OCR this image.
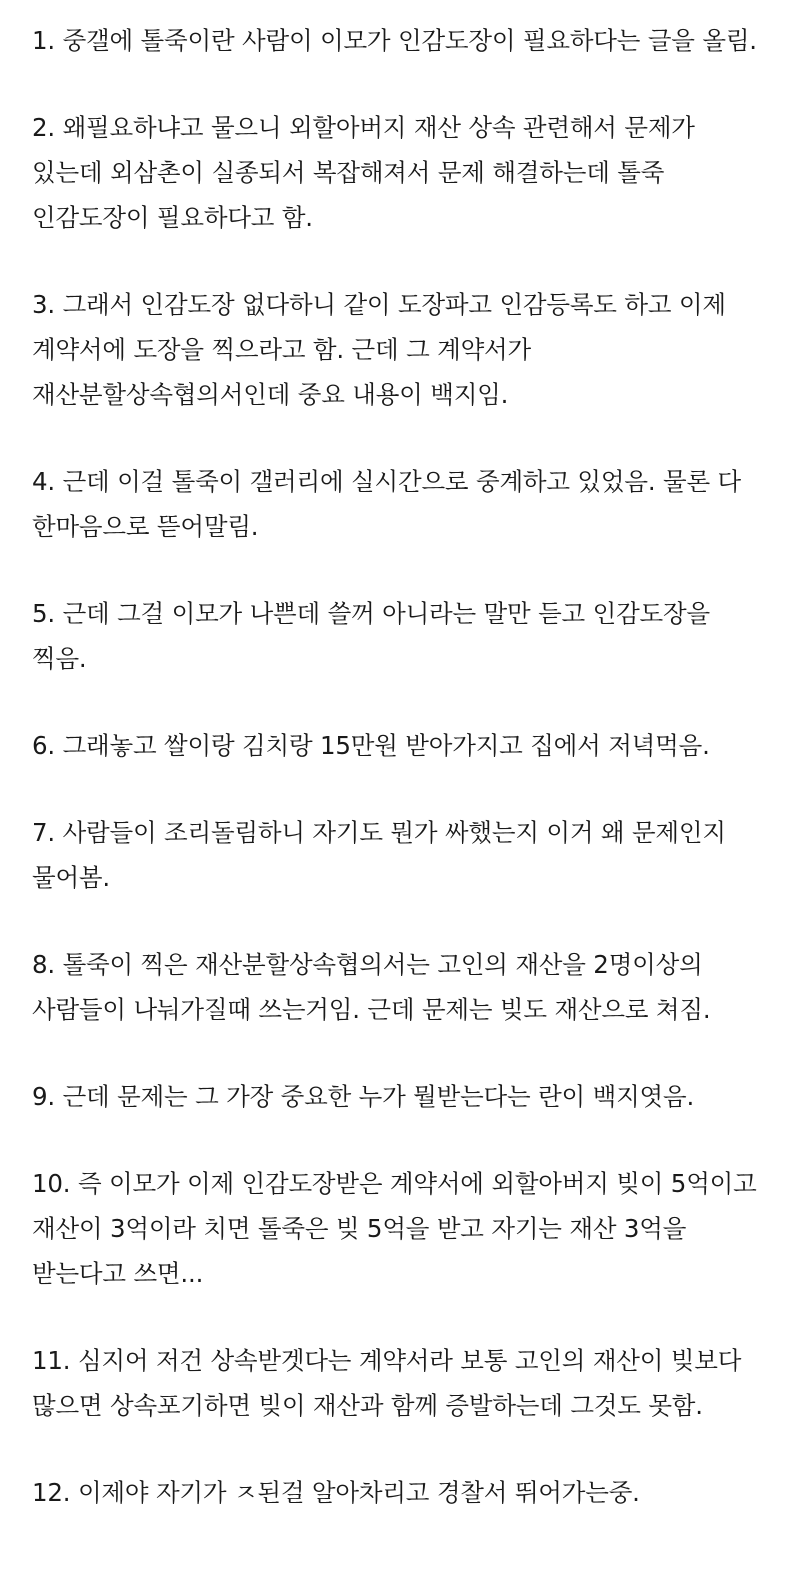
1. 중갤에 톨죽이란 사람이 이모가 인감도장이 필요하다는 글을 올림.

2. 왜필요하냐고 물으니 외할아버지 재산 상속 관련해서 문제가 있는데 외삼촌이 실종되서 복잡해져서 문제 해결하는데 톨죽 인감도장이 필요하다고 함.

3. 그래서 인감도장 없다하니 같이 도장파고 인감등록도 하고 이제 계약서에 도장을 찍으라고 함. 근데 그 계약서가 재산분할상속협의서인데 중요 내용이 백지임.

4. 근데 이걸 톨죽이 갤러리에 실시간으로 중계하고 있었음. 물론 다 한마음으로 뜯어말림.

5. 근데 그걸 이모가 나쁜데 쓸꺼 아니라는 말만 듣고 인감도장을 찍음.

6. 그래놓고 쌀이랑 김치랑 15만원 받아가지고 집에서 저녁먹음.

7. 사람들이 조리돌림하니 자기도 뭔가 싸했는지 이거 왜 문제인지 물어봄.

8. 톨죽이 찍은 재산분할상속협의서는 고인의 재산을 2명이상의 사람들이 나눠가질때 쓰는거임. 근데 문제는 빚도 재산으로 쳐짐.

9. 근데 문제는 그 가장 중요한 누가 뭘받는다는 란이 백지엿음.

10. 즉 이모가 이제 인감도장받은 계약서에 외할아버지 빚이 5억이고 재산이 3억이라 치면 톨죽은 빚 5억을 받고 자기는 재산 3억을 받는다고 쓰면...

11. 심지어 저건 상속받겟다는 계약서라 보통 고인의 재산이 빚보다 많으면 상속포기하면 빚이 재산과 함께 증발하는데 그것도 못함.

12. 이제야 자기가 ㅈ된걸 알아차리고 경찰서 뛰어가는중.
